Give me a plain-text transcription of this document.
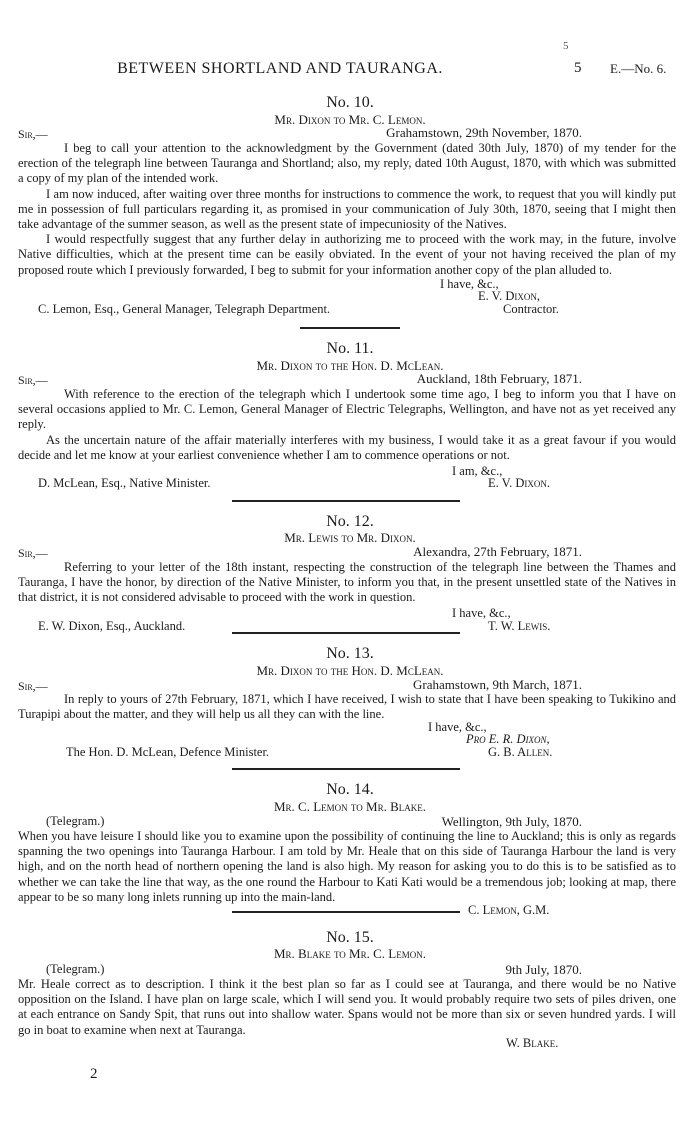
5
BETWEEN SHORTLAND AND TAURANGA.	5 E.—No. 6.
No. 10.
Mr. Dixon to Mr. C. Lemon.
Sir,—	Grahamstown, 29th November, 1870.

I beg to call your attention to the acknowledgment by the Government (dated 30th July, 1870) of my tender for the erection of the telegraph line between Tauranga and Shortland; also, my reply, dated 10th August, 1870, with which was submitted a copy of my plan of the intended work.

I am now induced, after waiting over three months for instructions to commence the work, to request that you will kindly put me in possession of full particulars regarding it, as promised in your communication of July 30th, 1870, seeing that I might then take advantage of the summer season, as well as the present state of impecuniosity of the Natives.

I would respectfully suggest that any further delay in authorizing me to proceed with the work may, in the future, involve Native difficulties, which at the present time can be easily obviated. In the event of your not having received the plan of my proposed route which I previously forwarded, I beg to submit for your information another copy of the plan alluded to.

I have, &c.,
E. V. Dixon,
Contractor.
C. Lemon, Esq., General Manager, Telegraph Department.
No. 11.
Mr. Dixon to the Hon. D. McLean.
Sir,—	Auckland, 18th February, 1871.

With reference to the erection of the telegraph which I undertook some time ago, I beg to inform you that I have on several occasions applied to Mr. C. Lemon, General Manager of Electric Telegraphs, Wellington, and have not as yet received any reply.

As the uncertain nature of the affair materially interferes with my business, I would take it as a great favour if you would decide and let me know at your earliest convenience whether I am to commence operations or not.

I am, &c.,
E. V. Dixon.
D. McLean, Esq., Native Minister.
No. 12.
Mr. Lewis to Mr. Dixon.
Sir,—	Alexandra, 27th February, 1871.

Referring to your letter of the 18th instant, respecting the construction of the telegraph line between the Thames and Tauranga, I have the honor, by direction of the Native Minister, to inform you that, in the present unsettled state of the Natives in that district, it is not considered advisable to proceed with the work in question.

I have, &c.,
T. W. Lewis.
E. W. Dixon, Esq., Auckland.
No. 13.
Mr. Dixon to the Hon. D. McLean.
Sir,—	Grahamstown, 9th March, 1871.

In reply to yours of 27th February, 1871, which I have received, I wish to state that I have been speaking to Tukikino and Turapipi about the matter, and they will help us all they can with the line.

I have, &c.,
Pro E. R. Dixon,
G. B. Allen.
The Hon. D. McLean, Defence Minister.
No. 14.
Mr. C. Lemon to Mr. Blake.
(Telegram.)	Wellington, 9th July, 1870.

When you have leisure I should like you to examine upon the possibility of continuing the line to Auckland; this is only as regards spanning the two openings into Tauranga Harbour. I am told by Mr. Heale that on this side of Tauranga Harbour the land is very high, and on the north head of northern opening the land is also high. My reason for asking you to do this is to be satisfied as to whether we can take the line that way, as the one round the Harbour to Kati Kati would be a tremendous job; looking at map, there appear to be so many long inlets running up into the main-land.

C. Lemon, G.M.
No. 15.
Mr. Blake to Mr. C. Lemon.
(Telegram.)	9th July, 1870.

Mr. Heale correct as to description. I think it the best plan so far as I could see at Tauranga, and there would be no Native opposition on the Island. I have plan on large scale, which I will send you. It would probably require two sets of piles driven, one at each entrance on Sandy Spit, that runs out into shallow water. Spans would not be more than six or seven hundred yards. I will go in boat to examine when next at Tauranga.

W. Blake.
2
